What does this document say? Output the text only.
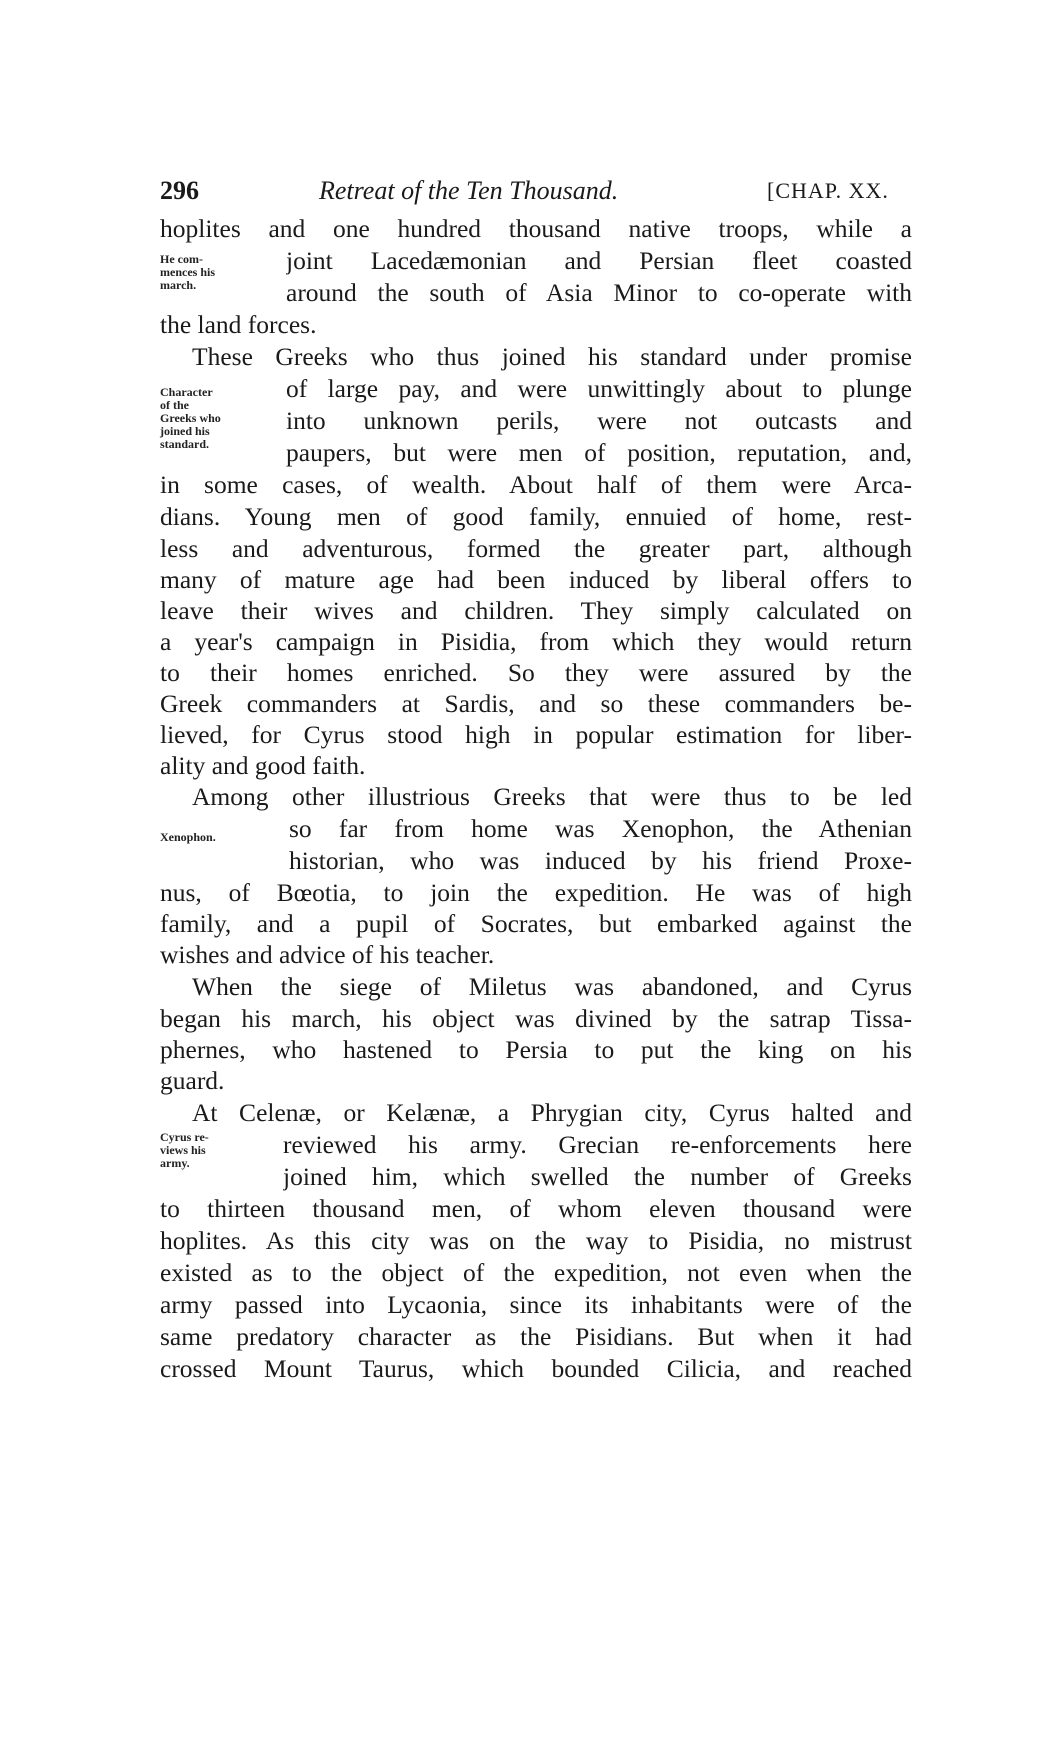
296	Retreat of the Ten Thousand.	[CHAP. XX.
He com-
mences his
march.
Character
of the
Greeks who
joined his
standard.
Xenophon.
Cyrus re-
views his
army.
hoplites and one hundred thousand native troops, while a
joint Lacedæmonian and Persian fleet coasted
around the south of Asia Minor to co-operate with
the land forces.
These Greeks who thus joined his standard under promise
of large pay, and were unwittingly about to plunge
into unknown perils, were not outcasts and
paupers, but were men of position, reputation, and,
in some cases, of wealth. About half of them were Arca-
dians. Young men of good family, ennuied of home, rest-
less and adventurous, formed the greater part, although
many of mature age had been induced by liberal offers to
leave their wives and children. They simply calculated on
a year's campaign in Pisidia, from which they would return
to their homes enriched. So they were assured by the
Greek commanders at Sardis, and so these commanders be-
lieved, for Cyrus stood high in popular estimation for liber-
ality and good faith.
Among other illustrious Greeks that were thus to be led
so far from home was Xenophon, the Athenian
historian, who was induced by his friend Proxe-
nus, of Bœotia, to join the expedition. He was of high
family, and a pupil of Socrates, but embarked against the
wishes and advice of his teacher.
When the siege of Miletus was abandoned, and Cyrus
began his march, his object was divined by the satrap Tissa-
phernes, who hastened to Persia to put the king on his
guard.
At Celenæ, or Kelænæ, a Phrygian city, Cyrus halted and
reviewed his army. Grecian re-enforcements here
joined him, which swelled the number of Greeks
to thirteen thousand men, of whom eleven thousand were
hoplites. As this city was on the way to Pisidia, no mistrust
existed as to the object of the expedition, not even when the
army passed into Lycaonia, since its inhabitants were of the
same predatory character as the Pisidians. But when it had
crossed Mount Taurus, which bounded Cilicia, and reached
